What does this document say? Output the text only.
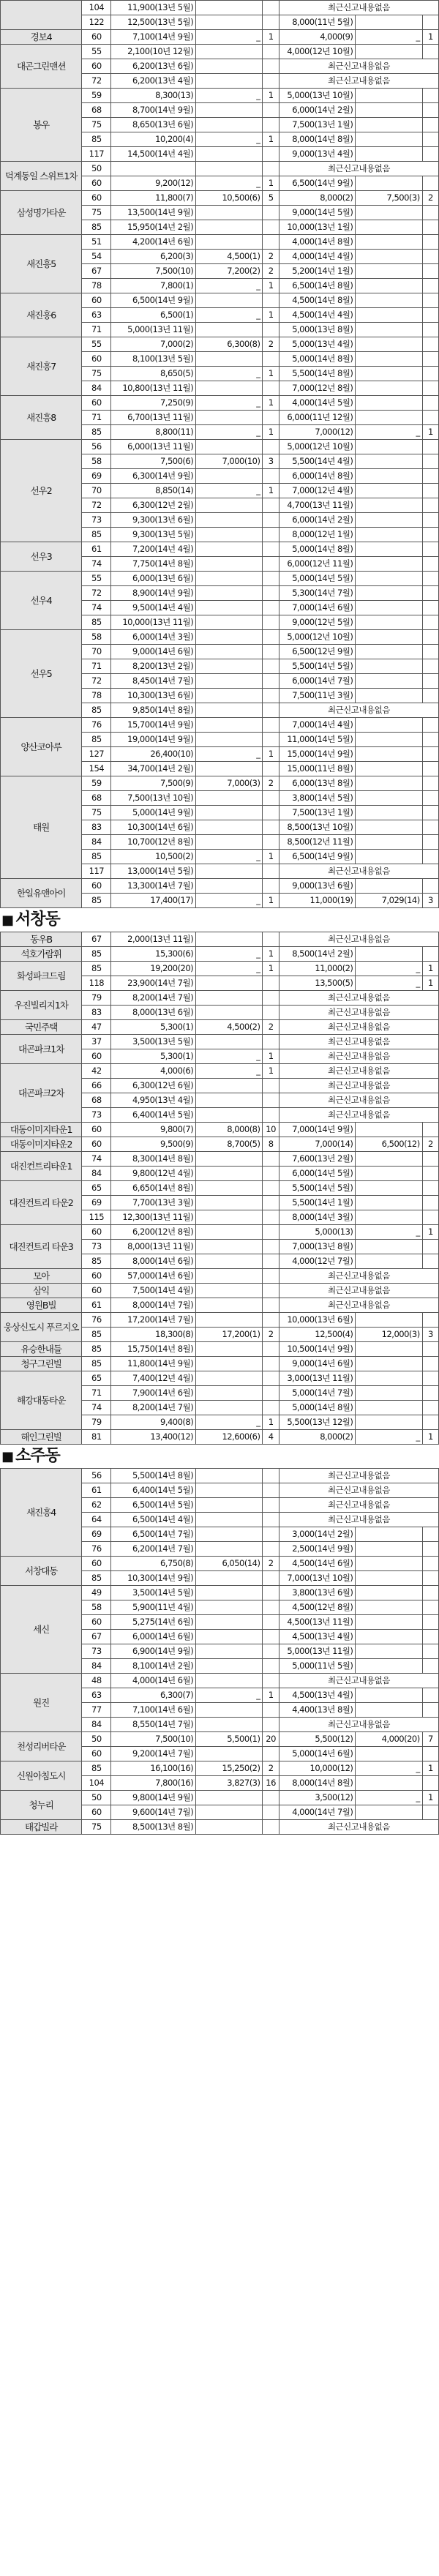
	104	11,900(13년 5월)			최근신고내용없음		
	122	12,500(13년 5월)			8,000(11년 5월)		
경보4	60	7,100(14년 9월)	_	1	4,000(9)	_	1
대곤그린맨션	55	2,100(10년 12월)			4,000(12년 10월)		
	60	6,200(13년 6월)			최근신고내용없음		
	72	6,200(13년 4월)			최근신고내용없음		
봉우	59	8,300(13)	_	1	5,000(13년 10월)		
	68	8,700(14년 9월)			6,000(14년 2월)		
	75	8,650(13년 6월)			7,500(13년 1월)		
	85	10,200(4)	_	1	8,000(14년 8월)		
	117	14,500(14년 4월)			9,000(13년 4월)		
덕계동일 스위트1차	50				최근신고내용없음		
	60	9,200(12)	_	1	6,500(14년 9월)		
삼성명가타운	60	11,800(7)	10,500(6)	5	8,000(2)	7,500(3)	2
	75	13,500(14년 9월)			9,000(14년 5월)		
	85	15,950(14년 2월)			10,000(13년 1월)		
새진흥5	51	4,200(14년 6월)			4,000(14년 8월)		
	54	6,200(3)	4,500(1)	2	4,000(14년 4월)		
	67	7,500(10)	7,200(2)	2	5,200(14년 1월)		
	78	7,800(1)	_	1	6,500(14년 8월)		
새진흥6	60	6,500(14년 9월)			4,500(14년 8월)		
	63	6,500(1)	_	1	4,500(14년 4월)		
	71	5,000(13년 11월)			5,000(13년 8월)		
새진흥7	55	7,000(2)	6,300(8)	2	5,000(13년 4월)		
	60	8,100(13년 5월)			5,000(14년 8월)		
	75	8,650(5)	_	1	5,500(14년 8월)		
	84	10,800(13년 11월)			7,000(12년 8월)		
새진흥8	60	7,250(9)	_	1	4,000(14년 5월)		
	71	6,700(13년 11월)			6,000(11년 12월)		
	85	8,800(11)	_	1	7,000(12)	_	1
선우2	56	6,000(13년 11월)			5,000(12년 10월)		
	58	7,500(6)	7,000(10)	3	5,500(14년 4월)		
	69	6,300(14년 9월)			6,000(14년 8월)		
	70	8,850(14)	_	1	7,000(12년 4월)		
	72	6,300(12년 2월)			4,700(13년 11월)		
	73	9,300(13년 6월)			6,000(14년 2월)		
	85	9,300(13년 5월)			8,000(12년 1월)		
선우3	61	7,200(14년 4월)			5,000(14년 8월)		
	74	7,750(14년 8월)			6,000(12년 11월)		
선우4	55	6,000(13년 6월)			5,000(14년 5월)		
	72	8,900(14년 9월)			5,300(14년 7월)		
	74	9,500(14년 4월)			7,000(14년 6월)		
	85	10,000(13년 11월)			9,000(12년 5월)		
선우5	58	6,000(14년 3월)			5,000(12년 10월)		
	70	9,000(14년 6월)			6,500(12년 9월)		
	71	8,200(13년 2월)			5,500(14년 5월)		
	72	8,450(14년 7월)			6,000(14년 7월)		
	78	10,300(13년 6월)			7,500(11년 3월)		
	85	9,850(14년 8월)			최근신고내용없음		
양산코아루	76	15,700(14년 9월)			7,000(14년 4월)		
	85	19,000(14년 9월)			11,000(14년 5월)		
	127	26,400(10)	_	1	15,000(14년 9월)		
	154	34,700(14년 2월)			15,000(11년 8월)		
태원	59	7,500(9)	7,000(3)	2	6,000(13년 8월)		
	68	7,500(13년 10월)			3,800(14년 5월)		
	75	5,000(14년 9월)			7,500(13년 1월)		
	83	10,300(14년 6월)			8,500(13년 10월)		
	84	10,700(12년 8월)			8,500(12년 11월)		
	85	10,500(2)	_	1	6,500(14년 9월)		
	117	13,000(14년 5월)			최근신고내용없음		
한일유앤아이	60	13,300(14년 7월)			9,000(13년 6월)		
	85	17,400(17)	_	1	11,000(19)	7,029(14)	3
■ 서창동
동우B	67	2,000(13년 11월)			최근신고내용없음		
석호가람휘	85	15,300(6)	_	1	8,500(14년 2월)		
화성파크드림	85	19,200(20)	_	1	11,000(2)	_	1
	118	23,900(14년 7월)			13,500(5)	_	1
우진빌리지1차	79	8,200(14년 7월)			최근신고내용없음		
	83	8,000(13년 6월)			최근신고내용없음		
국민주택	47	5,300(1)	4,500(2)	2	최근신고내용없음		
대곤파크1차	37	3,500(13년 5월)			최근신고내용없음		
	60	5,300(1)	_	1	최근신고내용없음		
대곤파크2차	42	4,000(6)	_	1	최근신고내용없음		
	66	6,300(12년 6월)			최근신고내용없음		
	68	4,950(13년 4월)			최근신고내용없음		
	73	6,400(14년 5월)			최근신고내용없음		
대동이미지타운1	60	9,800(7)	8,000(8)	10	7,000(14년 9월)		
대동이미지타운2	60	9,500(9)	8,700(5)	8	7,000(14)	6,500(12)	2
대진컨트리타운1	74	8,300(14년 8월)			7,600(13년 2월)		
	84	9,800(12년 4월)			6,000(14년 5월)		
대진컨트리 타운2	65	6,650(14년 8월)			5,500(14년 5월)		
	69	7,700(13년 3월)			5,500(14년 1월)		
	115	12,300(13년 11월)			8,000(14년 3월)		
대진컨트리 타운3	60	6,200(12년 8월)			5,000(13)	_	1
	73	8,000(13년 11월)			7,000(13년 8월)		
	85	8,000(14년 6월)			4,000(12년 7월)		
모아	60	57,000(14년 6월)			최근신고내용없음		
삼익	60	7,500(14년 4월)			최근신고내용없음		
영원B빌	61	8,000(14년 7월)			최근신고내용없음		
웅상신도시 푸르지오	76	17,200(14년 7월)			10,000(13년 6월)		
	85	18,300(8)	17,200(1)	2	12,500(4)	12,000(3)	3
유승한내들	85	15,750(14년 8월)			10,500(14년 9월)		
청구그린빌	85	11,800(14년 9월)			9,000(14년 6월)		
해강대동타운	65	7,400(12년 4월)			3,000(13년 11월)		
	71	7,900(14년 6월)			5,000(14년 7월)		
	74	8,200(14년 7월)			5,000(14년 8월)		
	79	9,400(8)	_	1	5,500(13년 12월)		
해인그린빌	81	13,400(12)	12,600(6)	4	8,000(2)	_	1
■ 소주동
새진흥4	56	5,500(14년 8월)			최근신고내용없음		
	61	6,400(14년 5월)			최근신고내용없음		
	62	6,500(14년 5월)			최근신고내용없음		
	64	6,500(14년 4월)			최근신고내용없음		
	69	6,500(14년 7월)			3,000(14년 2월)		
	76	6,200(14년 7월)			2,500(14년 9월)		
서창대동	60	6,750(8)	6,050(14)	2	4,500(14년 6월)		
	85	10,300(14년 9월)			7,000(13년 10월)		
세신	49	3,500(14년 5월)			3,800(13년 6월)		
	58	5,900(11년 4월)			4,500(12년 8월)		
	60	5,275(14년 6월)			4,500(13년 11월)		
	67	6,000(14년 6월)			4,500(13년 4월)		
	73	6,900(14년 9월)			5,000(13년 11월)		
	84	8,100(14년 2월)			5,000(11년 5월)		
원진	48	4,000(14년 6월)			최근신고내용없음		
	63	6,300(7)	_	1	4,500(13년 4월)		
	77	7,100(14년 6월)			4,400(13년 8월)		
	84	8,550(14년 7월)			최근신고내용없음		
천성리버타운	50	7,500(10)	5,500(1)	20	5,500(12)	4,000(20)	7
	60	9,200(14년 7월)			5,000(14년 6월)		
신원아침도시	85	16,100(16)	15,250(2)	2	10,000(12)	_	1
	104	7,800(16)	3,827(3)	16	8,000(14년 8월)		
청누리	50	9,800(14년 9월)			3,500(12)	_	1
	60	9,600(14년 7월)			4,000(14년 7월)		
태갑빌라	75	8,500(13년 8월)			최근신고내용없음		
